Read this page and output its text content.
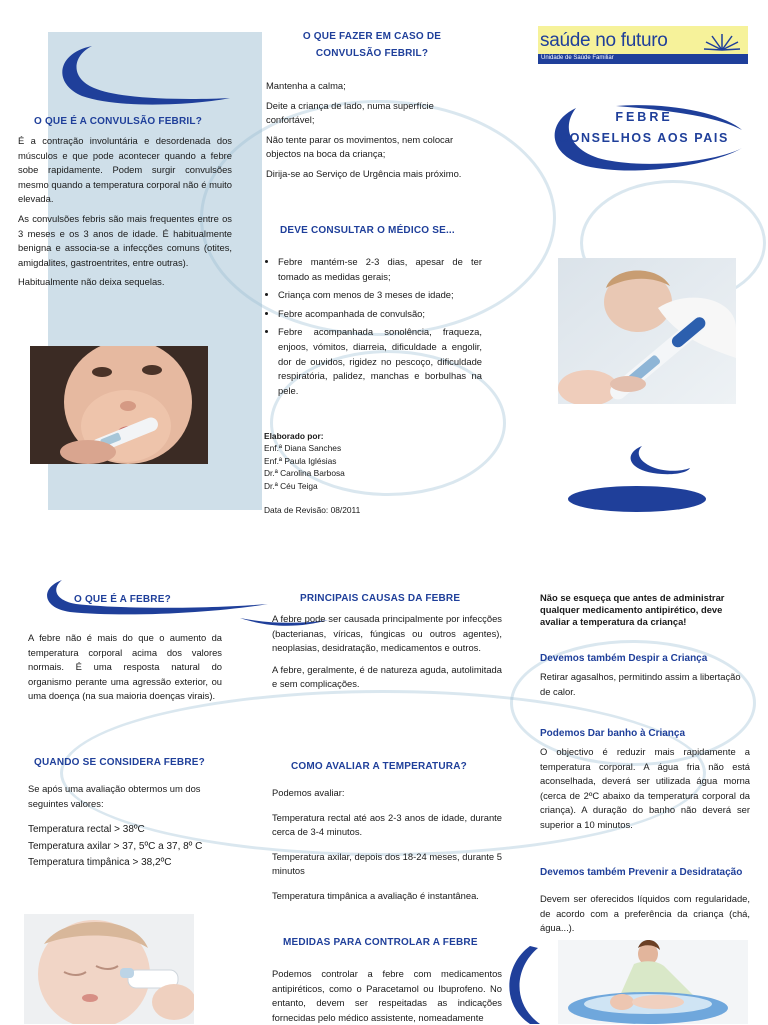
saúde no futuro
Unidade de Saúde Familiar
FEBRE
CONSELHOS AOS PAIS
O QUE É A CONVULSÃO FEBRIL?

É a contração involuntária e desordenada dos músculos e que pode acontecer quando a febre sobe rapidamente. Podem surgir convulsões mesmo quando a temperatura corporal não é muito elevada.

As convulsões febris são mais frequentes entre os 3 meses e os 3 anos de idade. É habitualmente benigna e associa-se a infecções comuns (otites, amigdalites, gastroentrites, entre outras).

Habitualmente não deixa sequelas.

O QUE FAZER EM CASO DE CONVULSÃO FEBRIL?

Mantenha a calma;

Deite a criança de lado, numa superfície confortável;

Não tente parar os movimentos, nem colocar objectos na boca da criança;

Dirija-se ao Serviço de Urgência mais próximo.

DEVE CONSULTAR O MÉDICO SE...
• Febre mantém-se 2-3 dias, apesar de ter tomado as medidas gerais;
• Criança com menos de 3 meses de idade;
• Febre acompanhada de convulsão;
• Febre acompanhada sonolência, fraqueza, enjoos, vómitos, diarreia, dificuldade a engolir, dor de ouvidos, rigidez no pescoço, dificuldade respiratória, palidez, manchas e borbulhas na pele.
Elaborado por:
Enf.ª Diana Sanches
Enf.ª Paula Iglésias
Dr.ª Carolina Barbosa
Dr.ª Céu Teiga
Data de Revisão: 08/2011
O QUE É A FEBRE?
A febre não é mais do que o aumento da temperatura corporal acima dos valores normais. É uma resposta natural do organismo perante uma agressão exterior, ou uma doença (na sua maioria doenças virais).
QUANDO SE CONSIDERA FEBRE?
Se após uma avaliação obtermos um dos seguintes valores:
Temperatura rectal > 38ºC
Temperatura axilar > 37, 5ºC a 37, 8º C
Temperatura timpânica > 38,2ºC
PRINCIPAIS CAUSAS DA FEBRE

A febre pode ser causada principalmente por infecções (bacterianas, víricas, fúngicas ou outros agentes), neoplasias, desidratação, medicamentos e outros.

A febre, geralmente, é de natureza aguda, autolimitada e sem complicações.

COMO AVALIAR A TEMPERATURA?

Podemos avaliar:

Temperatura rectal até aos 2-3 anos de idade, durante cerca de 3-4 minutos.

Temperatura axilar, depois dos 18-24 meses, durante 5 minutos

Temperatura timpânica a avaliação é instantânea.

MEDIDAS PARA CONTROLAR A FEBRE
Podemos controlar a febre com medicamentos antipiréticos, como o Paracetamol ou Ibuprofeno. No entanto, devem ser respeitadas as indicações fornecidas pelo médico assistente, nomeadamente
Não se esqueça que antes de administrar qualquer medicamento antipirético, deve avaliar a temperatura da criança!
Devemos também Despir a Criança
Retirar agasalhos, permitindo assim a libertação de calor.
Podemos Dar banho à Criança
O objectivo é reduzir mais rapidamente a temperatura corporal. A água fria não está aconselhada, deverá ser utilizada água morna (cerca de 2ºC abaixo da temperatura corporal da criança). A duração do banho não deverá ser superior a 10 minutos.
Devemos também Prevenir a Desidratação
Devem ser oferecidos líquidos com regularidade, de acordo com a preferência da criança (chá, água...).
